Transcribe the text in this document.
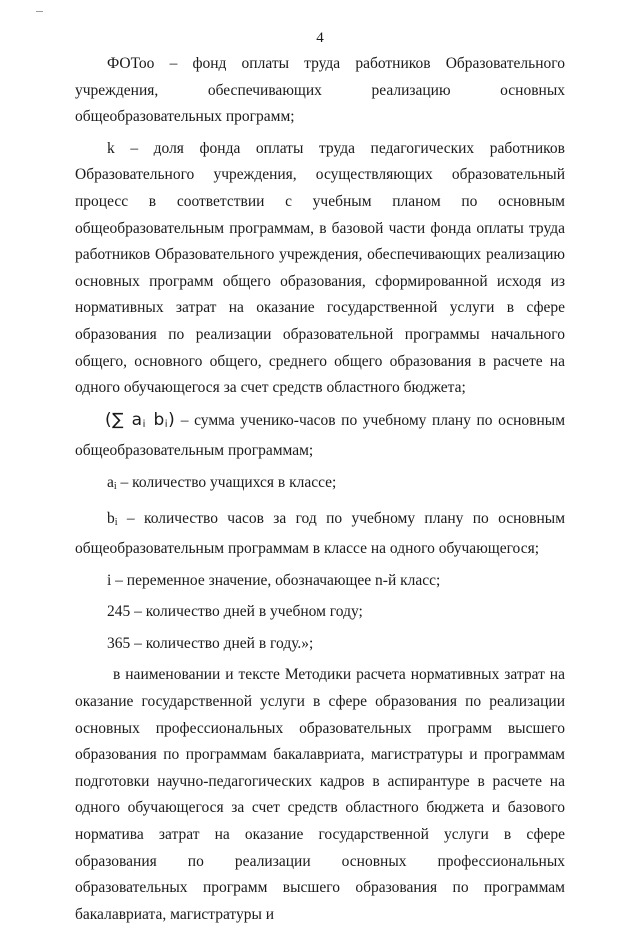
4

ФОТоо – фонд оплаты труда работников Образовательного учреждения, обеспечивающих реализацию основных общеобразовательных программ;

k – доля фонда оплаты труда педагогических работников Образовательного учреждения, осуществляющих образовательный процесс в соответствии с учебным планом по основным общеобразовательным программам, в базовой части фонда оплаты труда работников Образовательного учреждения, обеспечивающих реализацию основных программ общего образования, сформированной исходя из нормативных затрат на оказание государственной услуги в сфере образования по реализации образовательной программы начального общего, основного общего, среднего общего образования в расчете на одного обучающегося за счет средств областного бюджета;

(∑ $a_i$ $b_i$) – сумма ученико-часов по учебному плану по основным общеобразовательным программам;

$a_i$ – количество учащихся в классе;

$b_i$ – количество часов за год по учебному плану по основным общеобразовательным программам в классе на одного обучающегося;

i – переменное значение, обозначающее n-й класс;

245 – количество дней в учебном году;

365 – количество дней в году.»;

в наименовании и тексте Методики расчета нормативных затрат на оказание государственной услуги в сфере образования по реализации основных профессиональных образовательных программ высшего образования по программам бакалавриата, магистратуры и программам подготовки научно-педагогических кадров в аспирантуре в расчете на одного обучающегося за счет средств областного бюджета и базового норматива затрат на оказание государственной услуги в сфере образования по реализации основных профессиональных образовательных программ высшего образования по программам бакалавриата, магистратуры и
